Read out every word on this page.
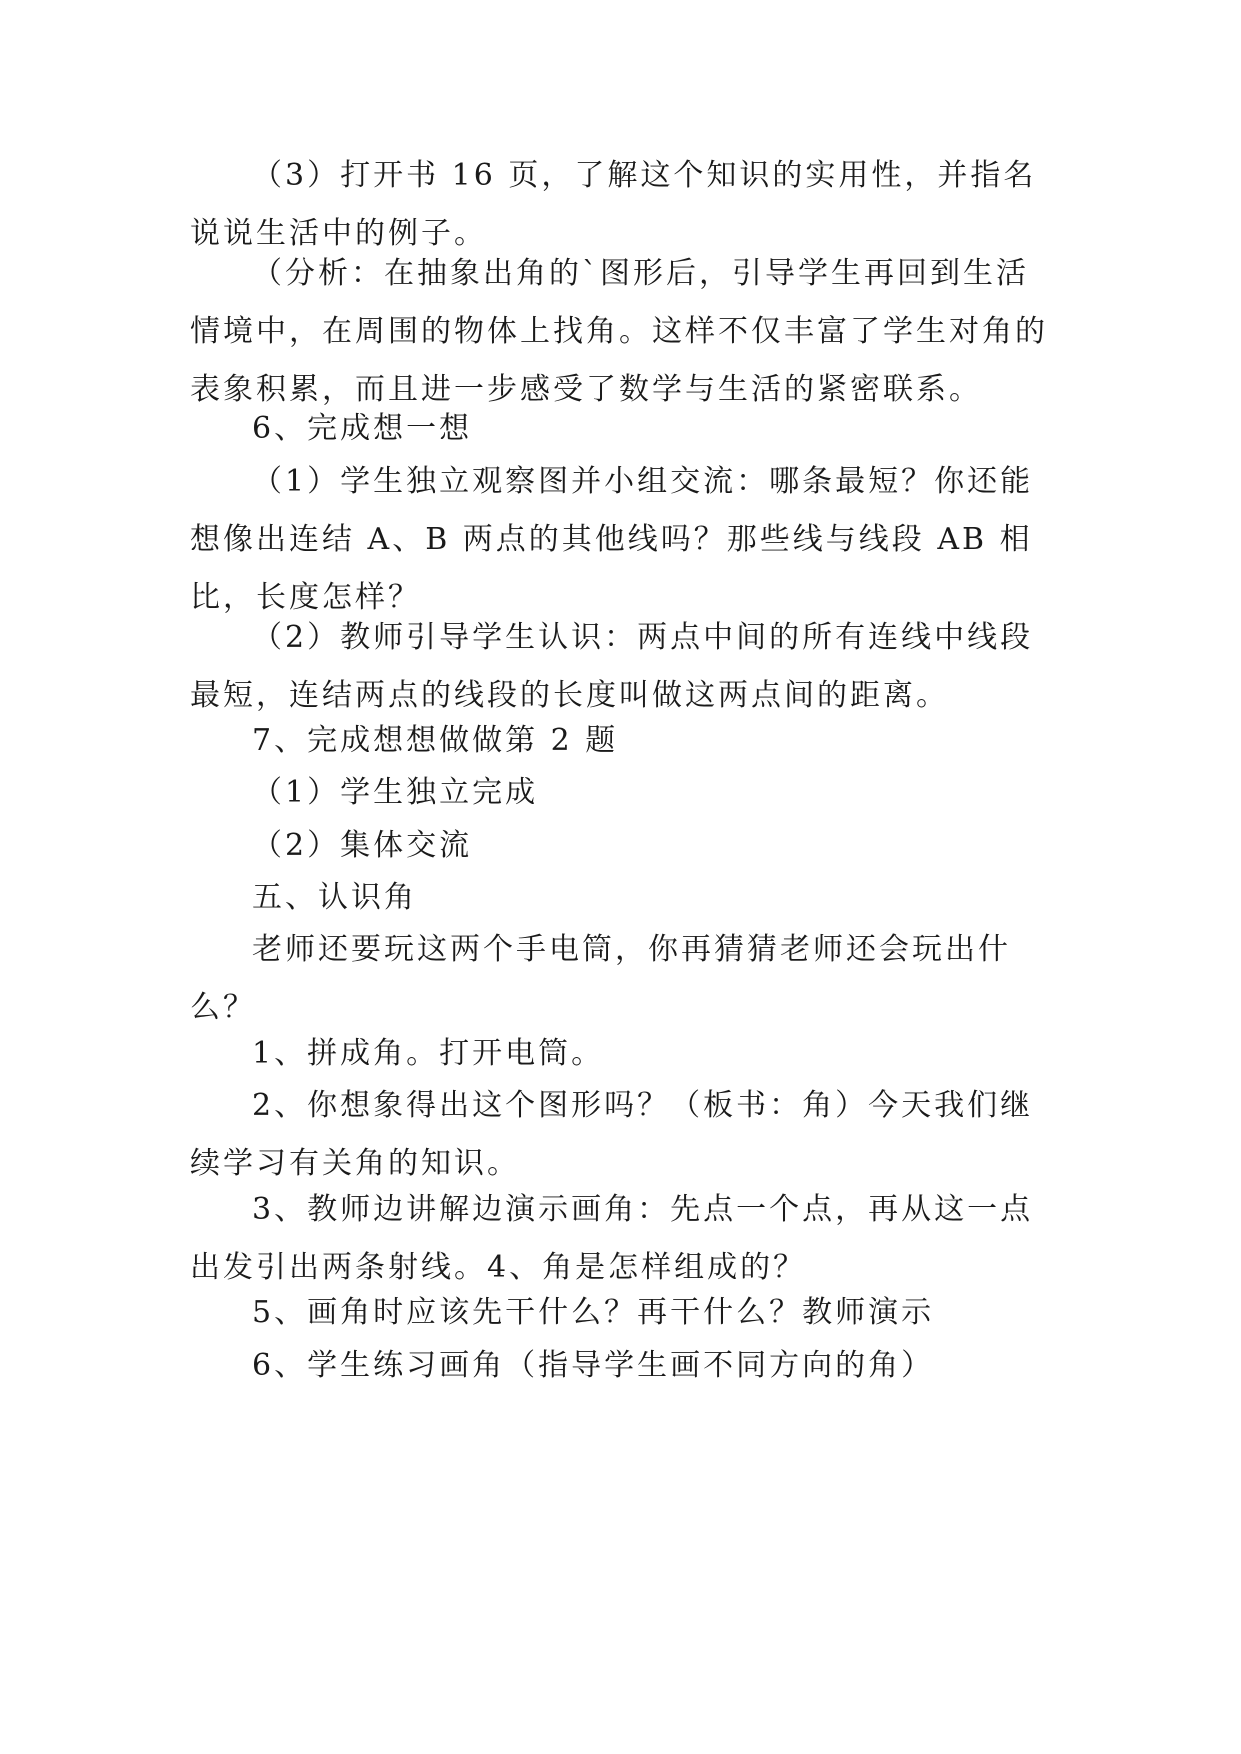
（3）打开书 16 页，了解这个知识的实用性，并指名说说生活中的例子。

（分析：在抽象出角的`图形后，引导学生再回到生活情境中，在周围的物体上找角。这样不仅丰富了学生对角的表象积累，而且进一步感受了数学与生活的紧密联系。

6、完成想一想

（1）学生独立观察图并小组交流：哪条最短？你还能想像出连结 A、B 两点的其他线吗？那些线与线段 AB 相比，长度怎样？

（2）教师引导学生认识：两点中间的所有连线中线段最短，连结两点的线段的长度叫做这两点间的距离。

7、完成想想做做第 2 题

（1）学生独立完成

（2）集体交流

五、认识角

老师还要玩这两个手电筒，你再猜猜老师还会玩出什么？

1、拼成角。打开电筒。

2、你想象得出这个图形吗？（板书：角）今天我们继续学习有关角的知识。

3、教师边讲解边演示画角：先点一个点，再从这一点出发引出两条射线。4、角是怎样组成的？

5、画角时应该先干什么？再干什么？教师演示

6、学生练习画角（指导学生画不同方向的角）
